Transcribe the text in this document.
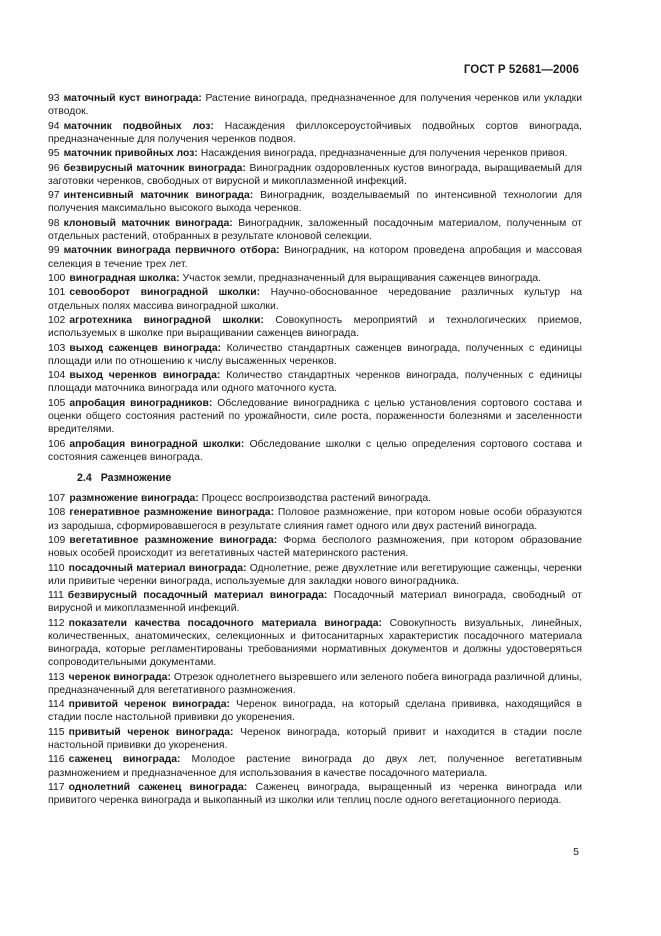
ГОСТ Р 52681—2006

93 маточный куст винограда: Растение винограда, предназначенное для получения черенков или укладки отводок.

94 маточник подвойных лоз: Насаждения филлоксероустойчивых подвойных сортов винограда, предназначенные для получения черенков подвоя.

95 маточник привойных лоз: Насаждения винограда, предназначенные для получения черенков привоя.

96 безвирусный маточник винограда: Виноградник оздоровленных кустов винограда, выращиваемый для заготовки черенков, свободных от вирусной и микоплазменной инфекций.

97 интенсивный маточник винограда: Виноградник, возделываемый по интенсивной технологии для получения максимально высокого выхода черенков.

98 клоновый маточник винограда: Виноградник, заложенный посадочным материалом, полученным от отдельных растений, отобранных в результате клоновой селекции.

99 маточник винограда первичного отбора: Виноградник, на котором проведена апробация и массовая селекция в течение трех лет.

100 виноградная школка: Участок земли, предназначенный для выращивания саженцев винограда.

101 севооборот виноградной школки: Научно-обоснованное чередование различных культур на отдельных полях массива виноградной школки.

102 агротехника виноградной школки: Совокупность мероприятий и технологических приемов, используемых в школке при выращивании саженцев винограда.

103 выход саженцев винограда: Количество стандартных саженцев винограда, полученных с единицы площади или по отношению к числу высаженных черенков.

104 выход черенков винограда: Количество стандартных черенков винограда, полученных с единицы площади маточника винограда или одного маточного куста.

105 апробация виноградников: Обследование виноградника с целью установления сортового состава и оценки общего состояния растений по урожайности, силе роста, пораженности болезнями и заселенности вредителями.

106 апробация виноградной школки: Обследование школки с целью определения сортового состава и состояния саженцев винограда.

2.4 Размножение

107 размножение винограда: Процесс воспроизводства растений винограда.

108 генеративное размножение винограда: Половое размножение, при котором новые особи образуются из зародыша, сформировавшегося в результате слияния гамет одного или двух растений винограда.

109 вегетативное размножение винограда: Форма бесполого размножения, при котором образование новых особей происходит из вегетативных частей материнского растения.

110 посадочный материал винограда: Однолетние, реже двухлетние или вегетирующие саженцы, черенки или привитые черенки винограда, используемые для закладки нового виноградника.

111 безвирусный посадочный материал винограда: Посадочный материал винограда, свободный от вирусной и микоплазменной инфекций.

112 показатели качества посадочного материала винограда: Совокупность визуальных, линейных, количественных, анатомических, селекционных и фитосанитарных характеристик посадочного материала винограда, которые регламентированы требованиями нормативных документов и должны удостоверяться сопроводительными документами.

113 черенок винограда: Отрезок однолетнего вызревшего или зеленого побега винограда различной длины, предназначенный для вегетативного размножения.

114 привитой черенок винограда: Черенок винограда, на который сделана прививка, находящийся в стадии после настольной прививки до укоренения.

115 привитый черенок винограда: Черенок винограда, который привит и находится в стадии после настольной прививки до укоренения.

116 саженец винограда: Молодое растение винограда до двух лет, полученное вегетативным размножением и предназначенное для использования в качестве посадочного материала.

117 однолетний саженец винограда: Саженец винограда, выращенный из черенка винограда или привитого черенка винограда и выкопанный из школки или теплиц после одного вегетационного периода.

5
